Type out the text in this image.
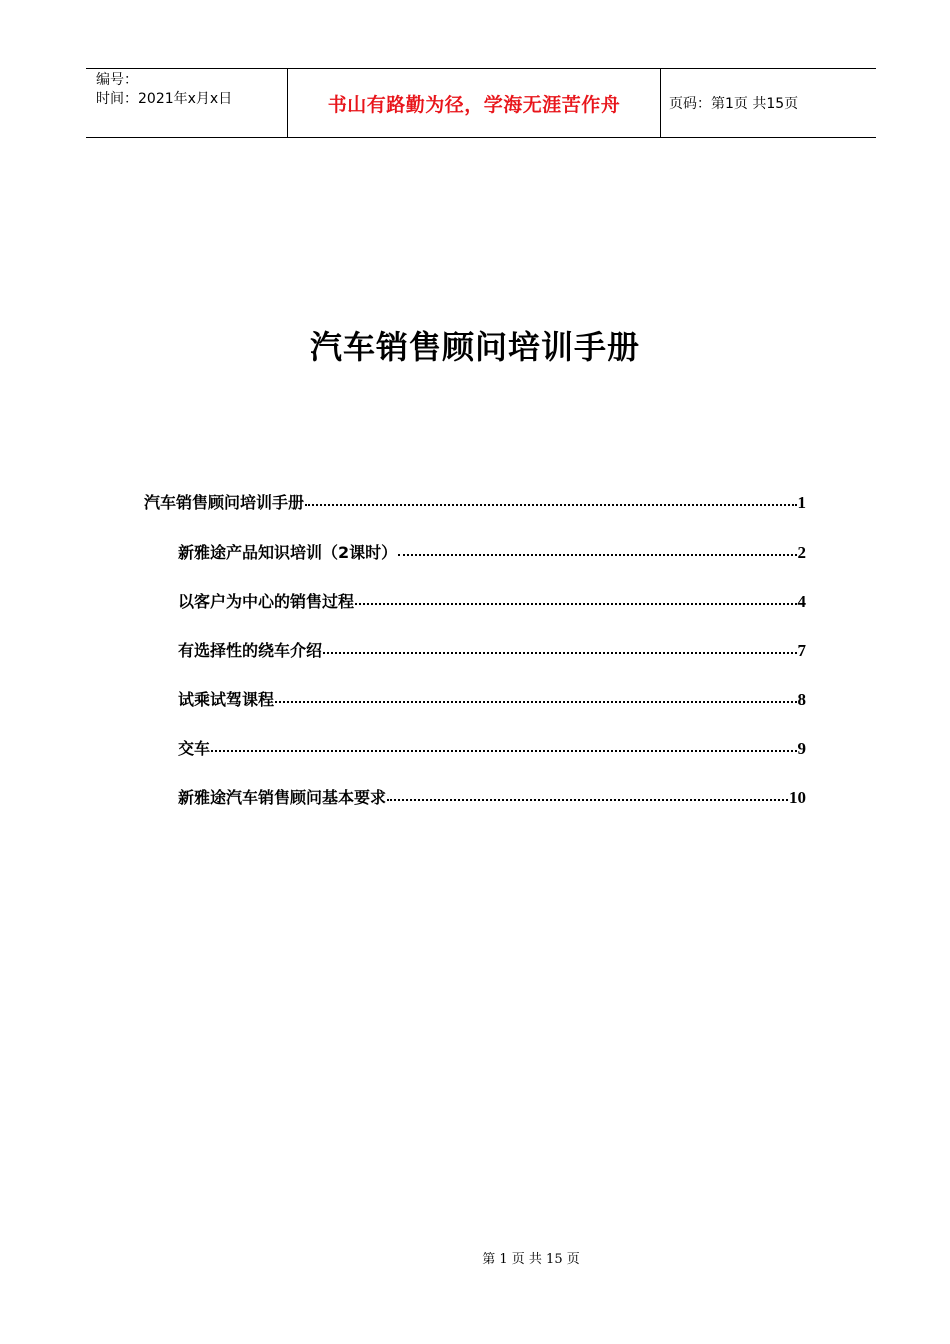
编号：
时间：2021年x月x日	书山有路勤为径，学海无涯苦作舟	页码：第1页 共15页
汽车销售顾问培训手册
汽车销售顾问培训手册	1
新雅途产品知识培训（2课时）	2
以客户为中心的销售过程	4
有选择性的绕车介绍	7
试乘试驾课程	8
交车	9
新雅途汽车销售顾问基本要求	10
第 1 页 共 15 页
